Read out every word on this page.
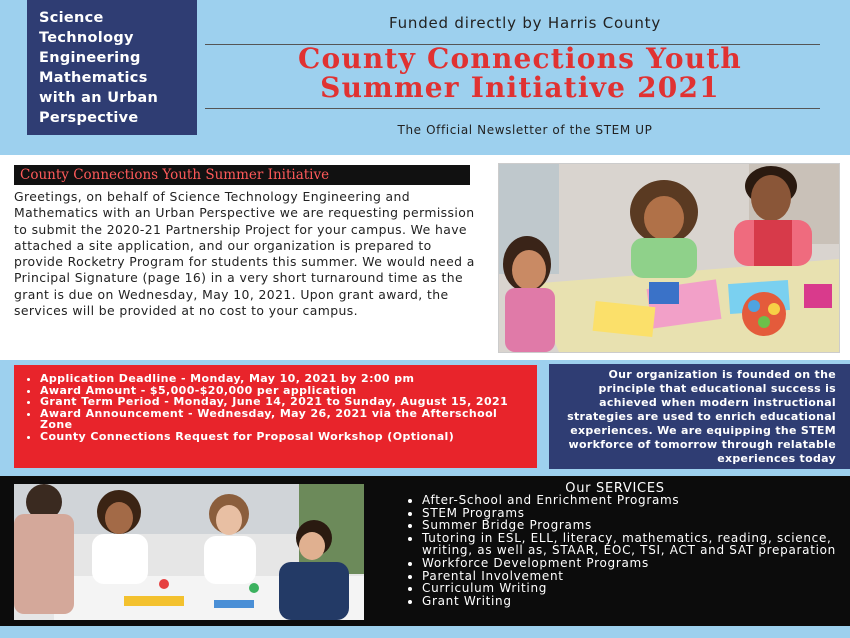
Science
Technology
Engineering
Mathematics
with an Urban
Perspective
Funded directly by Harris County
County Connections Youth
Summer Initiative 2021
The Official Newsletter of the STEM UP
County Connections Youth Summer Initiative
Greetings, on behalf of Science Technology Engineering and Mathematics with an Urban Perspective we are requesting permission to submit the 2020-21 Partnership Project for your campus. We have attached a site application, and our organization is prepared to provide Rocketry Program for students this summer. We would need a Principal Signature (page 16) in a very short turnaround time as the grant is due on Wednesday, May 10, 2021. Upon grant award, the services will be provided at no cost to your campus.
• Application Deadline - Monday, May 10, 2021 by 2:00 pm
• Award Amount - $5,000-$20,000 per application
• Grant Term Period - Monday, June 14, 2021 to Sunday, August 15, 2021
• Award Announcement - Wednesday, May 26, 2021 via the Afterschool Zone
• County Connections Request for Proposal Workshop (Optional)
Our organization is founded on the principle that educational success is achieved when modern instructional strategies are used to enrich educational experiences. We are equipping the STEM workforce of tomorrow through relatable experiences today
Our SERVICES
• After-School and Enrichment Programs
• STEM Programs
• Summer Bridge Programs
• Tutoring in ESL, ELL, literacy, mathematics, reading, science, writing, as well as, STAAR, EOC, TSI, ACT and SAT preparation
• Workforce Development Programs
• Parental Involvement
• Curriculum Writing
• Grant Writing
